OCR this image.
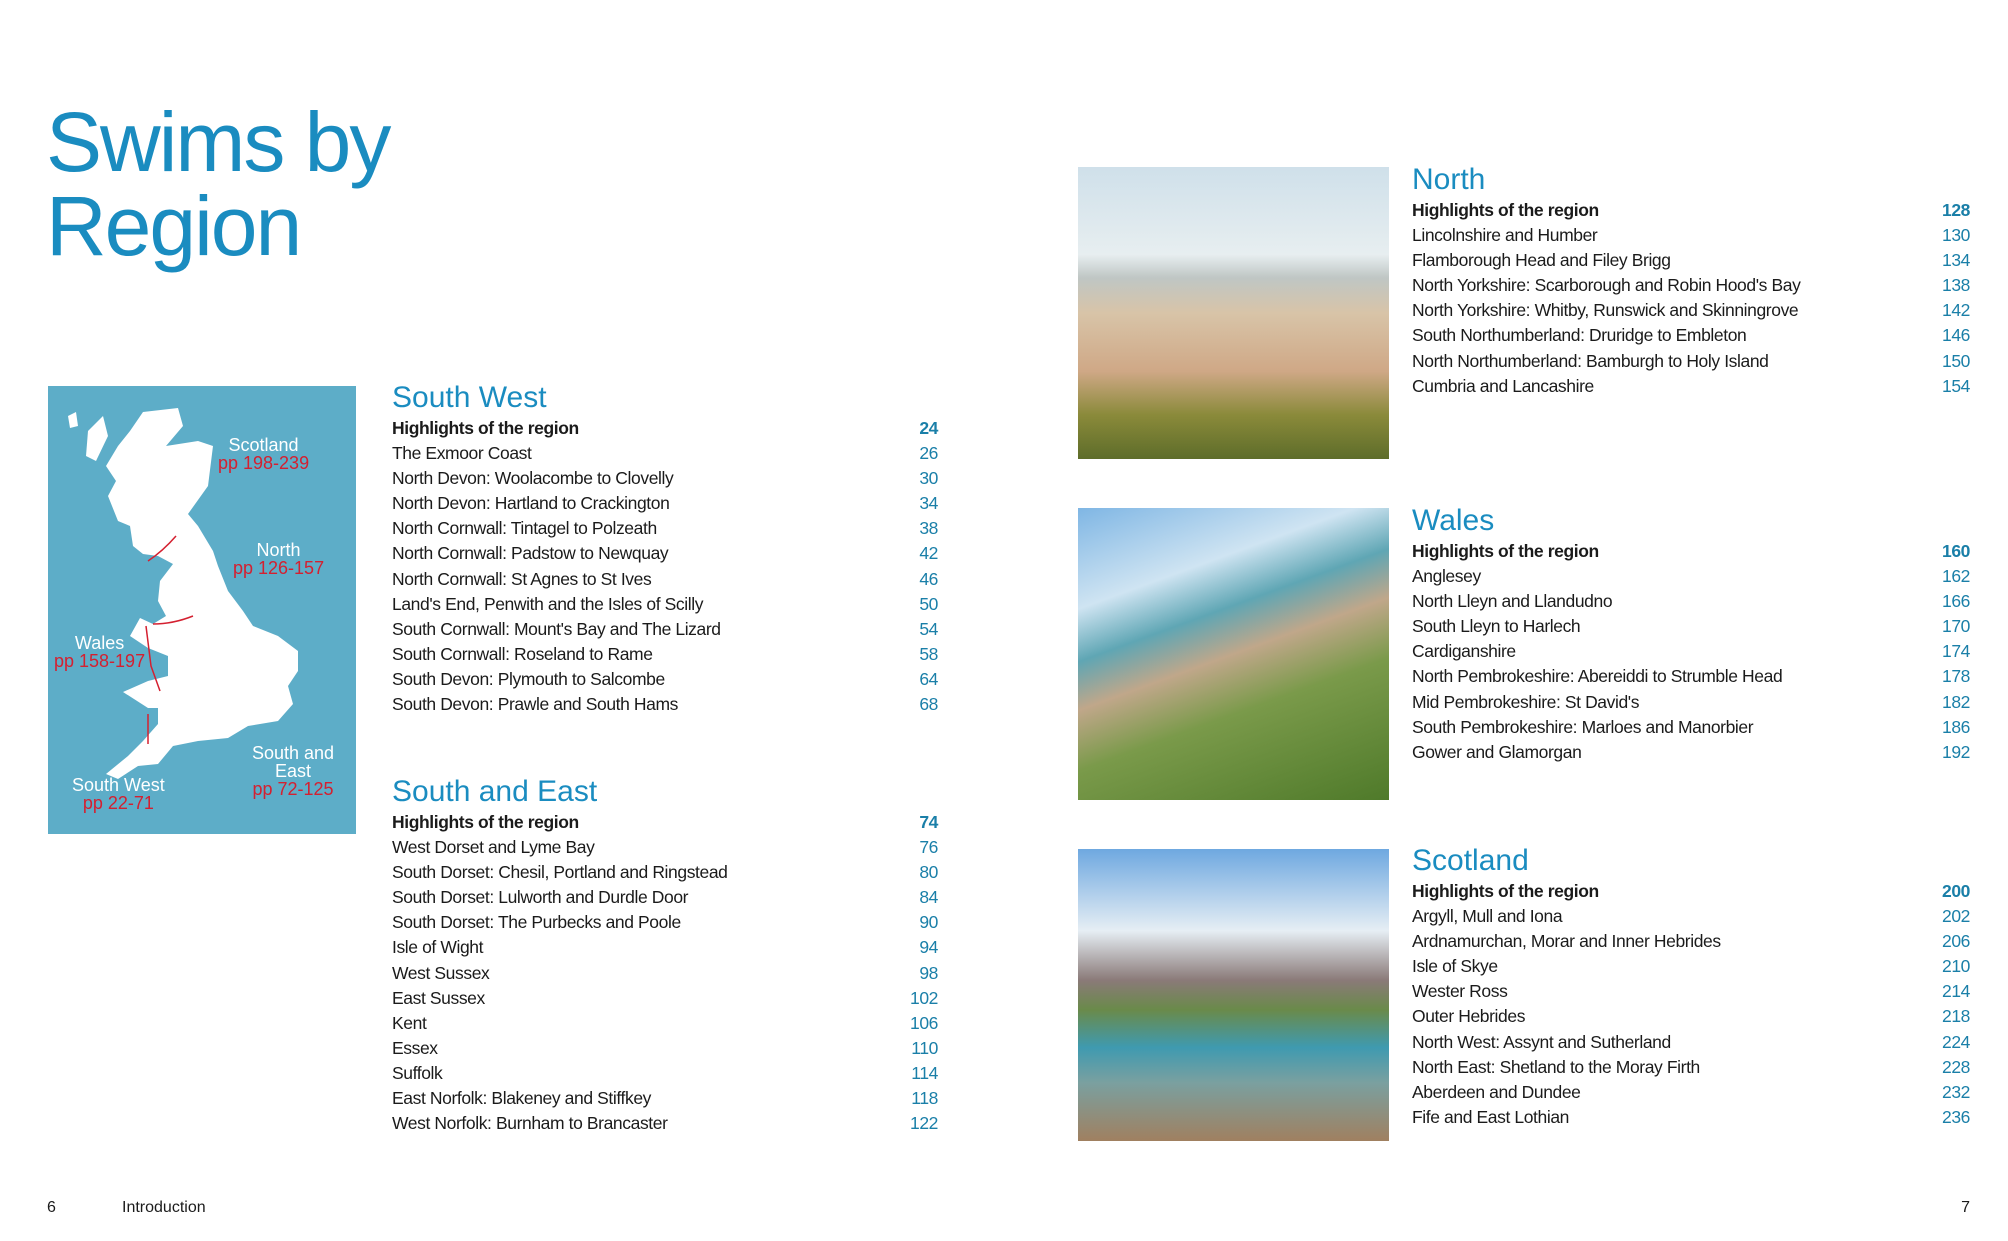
Swims by
Region
Scotland
pp 198-239
North
pp 126-157
Wales
pp 158-197
South West
pp 22-71
South and East
pp 72-125
South West
Highlights of the region	24
The Exmoor Coast	26
North Devon: Woolacombe to Clovelly	30
North Devon: Hartland to Crackington	34
North Cornwall: Tintagel to Polzeath	38
North Cornwall: Padstow to Newquay	42
North Cornwall: St Agnes to St Ives	46
Land's End, Penwith and the Isles of Scilly	50
South Cornwall: Mount's Bay and The Lizard	54
South Cornwall: Roseland to Rame	58
South Devon: Plymouth to Salcombe	64
South Devon: Prawle and South Hams	68
South and East
Highlights of the region	74
West Dorset and Lyme Bay	76
South Dorset: Chesil, Portland and Ringstead	80
South Dorset: Lulworth and Durdle Door	84
South Dorset: The Purbecks and Poole	90
Isle of Wight	94
West Sussex	98
East Sussex	102
Kent	106
Essex	110
Suffolk	114
East Norfolk: Blakeney and Stiffkey	118
West Norfolk: Burnham to Brancaster	122
North
Highlights of the region	128
Lincolnshire and Humber	130
Flamborough Head and Filey Brigg	134
North Yorkshire: Scarborough and Robin Hood's Bay	138
North Yorkshire: Whitby, Runswick and Skinningrove	142
South Northumberland: Druridge to Embleton	146
North Northumberland: Bamburgh to Holy Island	150
Cumbria and Lancashire	154
Wales
Highlights of the region	160
Anglesey	162
North Lleyn and Llandudno	166
South Lleyn to Harlech	170
Cardiganshire	174
North Pembrokeshire: Abereiddi to Strumble Head	178
Mid Pembrokeshire: St David's	182
South Pembrokeshire: Marloes and Manorbier	186
Gower and Glamorgan	192
Scotland
Highlights of the region	200
Argyll, Mull and Iona	202
Ardnamurchan, Morar and Inner Hebrides	206
Isle of Skye	210
Wester Ross	214
Outer Hebrides	218
North West: Assynt and Sutherland	224
North East: Shetland to the Moray Firth	228
Aberdeen and Dundee	232
Fife and East Lothian	236
6	Introduction	7
